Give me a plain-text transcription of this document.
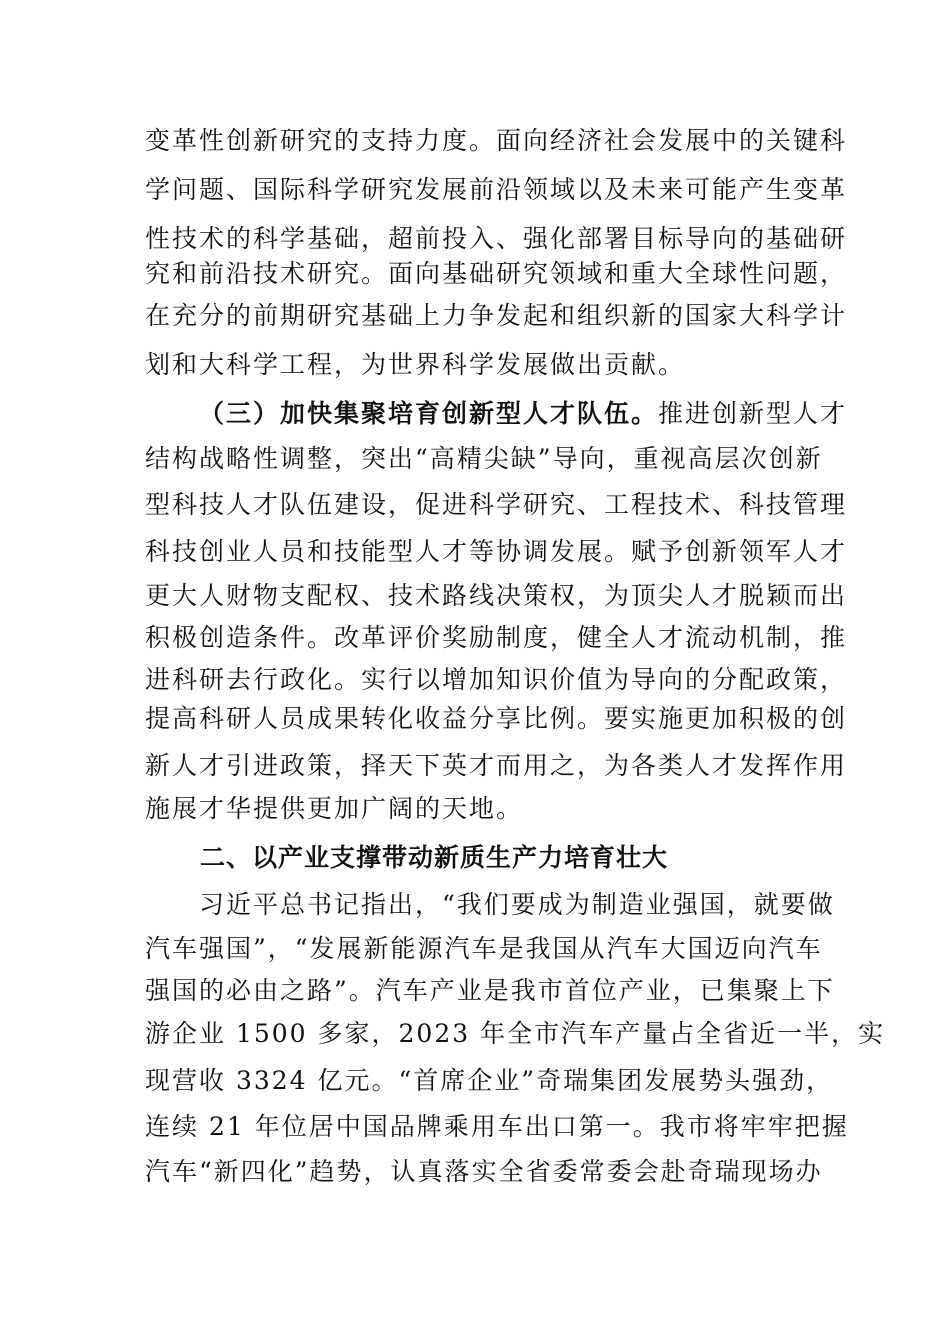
变革性创新研究的支持力度。面向经济社会发展中的关键科
学问题、国际科学研究发展前沿领域以及未来可能产生变革
性技术的科学基础，超前投入、强化部署目标导向的基础研
究和前沿技术研究。面向基础研究领域和重大全球性问题，
在充分的前期研究基础上力争发起和组织新的国家大科学计
划和大科学工程，为世界科学发展做出贡献。
（三）加快集聚培育创新型人才队伍。推进创新型人才
结构战略性调整，突出“高精尖缺”导向，重视高层次创新
型科技人才队伍建设，促进科学研究、工程技术、科技管理
科技创业人员和技能型人才等协调发展。赋予创新领军人才
更大人财物支配权、技术路线决策权，为顶尖人才脱颖而出
积极创造条件。改革评价奖励制度，健全人才流动机制，推
进科研去行政化。实行以增加知识价值为导向的分配政策，
提高科研人员成果转化收益分享比例。要实施更加积极的创
新人才引进政策，择天下英才而用之，为各类人才发挥作用
施展才华提供更加广阔的天地。
二、以产业支撑带动新质生产力培育壮大
　　习近平总书记指出，“我们要成为制造业强国，就要做
汽车强国”，“发展新能源汽车是我国从汽车大国迈向汽车
强国的必由之路”。汽车产业是我市首位产业，已集聚上下
游企业 1500 多家，2023 年全市汽车产量占全省近一半，实
现营收 3324 亿元。“首席企业”奇瑞集团发展势头强劲，
连续 21 年位居中国品牌乘用车出口第一。我市将牢牢把握
汽车“新四化”趋势，认真落实全省委常委会赴奇瑞现场办
